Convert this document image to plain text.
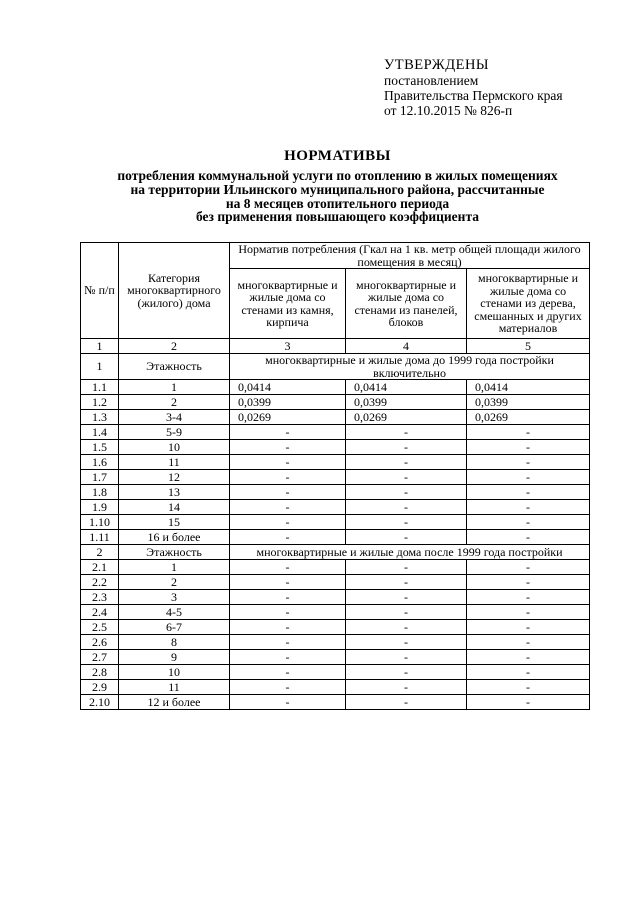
УТВЕРЖДЕНЫ
постановлением
Правительства Пермского края
от 12.10.2015 № 826-п
НОРМАТИВЫ
потребления коммунальной услуги по отоплению в жилых помещениях
на территории Ильинского муниципального района, рассчитанные
на 8 месяцев отопительного периода
без применения повышающего коэффициента
№ п/п	Категория многоквартирного (жилого) дома	Норматив потребления (Гкал на 1 кв. метр общей площади жилого помещения в месяц)		
		многоквартирные и жилые дома со стенами из камня, кирпича	многоквартирные и жилые дома со стенами из панелей, блоков	многоквартирные и жилые дома со стенами из дерева, смешанных и других материалов
1	2	3	4	5
1	Этажность	многоквартирные и жилые дома до 1999 года постройки включительно		
1.1	1	0,0414	0,0414	0,0414
1.2	2	0,0399	0,0399	0,0399
1.3	3-4	0,0269	0,0269	0,0269
1.4	5-9	-	-	-
1.5	10	-	-	-
1.6	11	-	-	-
1.7	12	-	-	-
1.8	13	-	-	-
1.9	14	-	-	-
1.10	15	-	-	-
1.11	16 и более	-	-	-
2	Этажность	многоквартирные и жилые дома после 1999 года постройки		
2.1	1	-	-	-
2.2	2	-	-	-
2.3	3	-	-	-
2.4	4-5	-	-	-
2.5	6-7	-	-	-
2.6	8	-	-	-
2.7	9	-	-	-
2.8	10	-	-	-
2.9	11	-	-	-
2.10	12 и более	-	-	-
